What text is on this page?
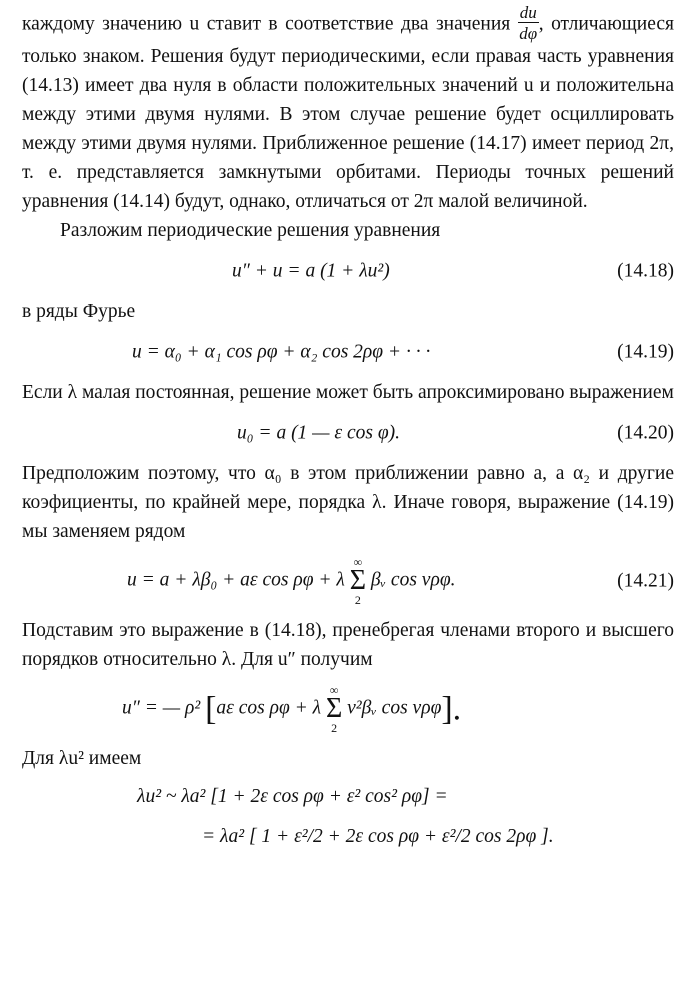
каждому значению u ставит в соответствие два значения $\frac{du}{d\varphi}$ , отличающиеся только знаком. Решения будут периодическими, если правая часть уравнения (14.13) имеет два нуля в области положительных значений u и положительна между этими двумя нулями. В этом случае решение будет осциллировать между этими двумя нулями. Приближенное решение (14.17) имеет период 2π, т. е. представляется замкнутыми орбитами. Периоды точных решений уравнения (14.14) будут, однако, отличаться от 2π малой величиной.

Разложим периодические решения уравнения

u″ + u = a (1 + λu²)	(14.18)

в ряды Фурье

u = α₀ + α₁ cos ρφ + α₂ cos 2ρφ + · · ·	(14.19)

Если λ малая постоянная, решение может быть апроксимировано выражением

u₀ = a (1 — ε cos φ).	(14.20)

Предположим поэтому, что α₀ в этом приближении равно a, a α₂ и другие коэфициенты, по крайней мере, порядка λ. Иначе говоря, выражение (14.19) мы заменяем рядом

u = a + λβ₀ + aε cos ρφ + λ
∞
Σ
2
βᵥ cos νρφ.	(14.21)

Подставим это выражение в (14.18), пренебрегая членами второго и высшего порядков относительно λ. Для u″ получим

u″ = — ρ² [aε cos ρφ + λ
∞
Σ
2
ν²βᵥ cos νρφ].

Для λu² имеем

λu² ~ λa² [1 + 2ε cos ρφ + ε² cos² ρφ] =
= λa² [ 1 + ε²/2 + 2ε cos ρφ + ε²/2 cos 2ρφ ].
